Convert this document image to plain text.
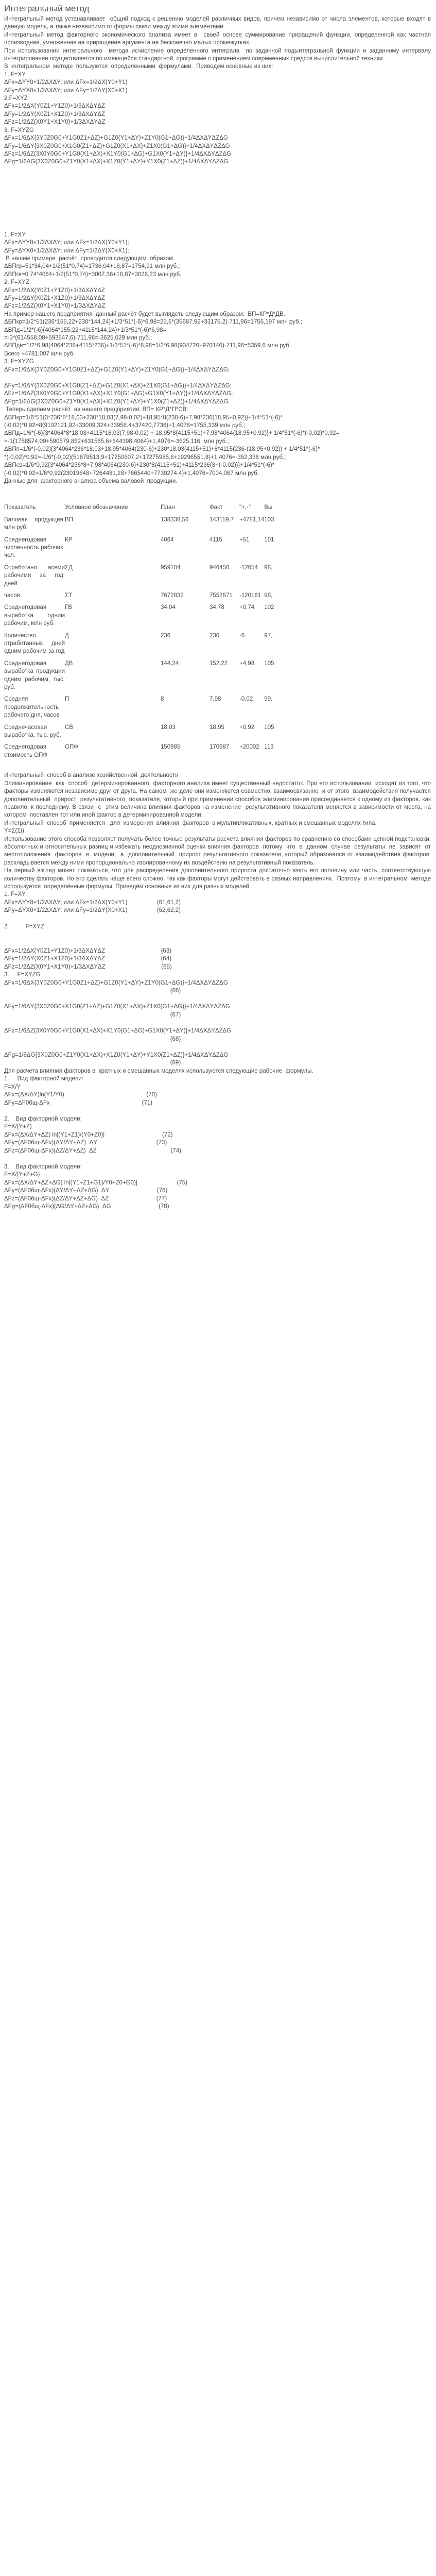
Интегральный метод

Интегральный метод устанавливает  общий подход к решению моделей различных видов, причем независимо от числа элементов, которые входят в данную модель, а также независимо от формы связи между этими элементами.

Интегральный метод факторного экономического анализа имеет в  своей основе суммирование приращений функции, определенной как частная  производная, умноженная на приращение аргумента на бесконечно малых промежутках.

При использовании интегрального  метода исчисление определенного интеграла  по заданной подынтегральной функции и заданному интервалу интегрирования осуществляется по имеющейся стандартной  программе с применением современных средств вычислительной техники.

В  интегральном  методе  пользуются  определенными  формулами.  Приведем основные из них:

1. F=XY

ΔFх=ΔYY0+1/2ΔХΔY; или ΔFх=1/2ΔХ(Y0+Y1)

ΔFy=ΔYX0+1/2ΔХΔY; или ΔFy=1/2ΔY(X0+X1)

2.F=XYZ

ΔFx=1/2ΔX(Y0Z1+Y1Z0)+1/3ΔXΔYΔZ

ΔFy=1/2ΔY(X0Z1+X1Z0)+1/3ΔXΔYΔZ

ΔFz=1/2ΔZ(X0Y1+X1Y0)+1/3ΔXΔYΔZ

3. F=XYZG

ΔFx=1/6ΔX{3Y0Z0G0+Y1G0Z1+ΔZ)+G1Z0(Y1+ΔY)+Z1Y0(G1+ΔG)}+1/4ΔXΔYΔZΔG

ΔFy=1/6ΔY{3X0Z0G0+X1G0(Z1+ΔZ)+G1Z0(X1+ΔX)+Z1X0(G1+ΔG)}+1/4ΔXΔYΔZΔG

ΔFz=1/6ΔZ{3X0Y0G0+Y1G0(X1+ΔX)+X1Y0(G1+ΔG)+G1X0(Y1+ΔY)}+1/4ΔXΔYΔZΔG

ΔFg=1/6ΔG{3X0Z0G0+Z1Y0(X1+ΔX)+X1Z0(Y1+ΔY)+Y1X0(Z1+ΔZ)}+1/4ΔXΔYΔZΔG

1. F=XY

ΔFх=ΔYY0+1/2ΔХΔY; или ΔFх=1/2ΔХ(Y0+Y1);

ΔFy=ΔYX0+1/2ΔХΔY; или ΔFy=1/2ΔY(X0+X1);

В нашем примере  расчёт  проводится следующим  образом.

ΔВПгр=51*34,04+1/2(51*0,74)=1736,04+18,87=1754,91 млн руб.;

ΔВПгв=0,74*4064+1/2(51*0,74)=3007,36+18,87=3026,23 млн руб.

2. F=XYZ

ΔFx=1/2ΔX(Y0Z1+Y1Z0)+1/3ΔXΔYΔZ

ΔFy=1/2ΔY(X0Z1+X1Z0)+1/3ΔXΔYΔZ

ΔFz=1/2ΔZ(X0Y1+X1Y0)+1/3ΔXΔYΔZ

На пример нашего предприятия  данный расчёт будет выглядеть следующим образом:  ВП=КР*Д*ДВ.

ΔВПкр=1/2*51(236*155,22+230*144,24)+1/3*51*(-6)*6,98=25,5*(35687,92+33175,2)-711,96=1755,197 млн руб.;

ΔВПд=1/2*(-6)(4064*155,22+4115*144,24)+1/3*51*(-6)*6,98=

=-3*(614558,08+593547,6)-711,96=-3625,029 млн руб.;

ΔВПдв=1/2*6,98(4064*236+4115*236)+1/3*51*(-6)*6,98=1/2*6,98(934720+970140)-711,96=5359,6 млн руб.

Всего +4781,007 млн руб.

3. F=XYZG

ΔFx=1/6ΔX{3Y0Z0G0+Y1G0Z1+ΔZ)+G1Z0(Y1+ΔY)+Z1Y0(G1+ΔG)}+1/4ΔXΔYΔZΔG;

ΔFy=1/6ΔY{3X0Z0G0+X1G0(Z1+ΔZ)+G1Z0(X1+ΔX)+Z1X0(G1+ΔG)}+1/4ΔXΔYΔZΔG;

ΔFz=1/6ΔZ{3X0Y0G0+Y1G0(X1+ΔX)+X1Y0(G1+ΔG)+G1X0(Y1+ΔY)}+1/4ΔXΔYΔZΔG;

ΔFg=1/6ΔG{3X0Z0G0+Z1Y0(X1+ΔX)+X1Z0(Y1+ΔY)+Y1X0(Z1+ΔZ)}+1/4ΔXΔYΔZΔG.

Теперь сделаем расчёт  на нашего предприятия: ВП= КР*Д*П*СВ:

ΔВПкр=1/6*51{3*236*8*18,03+230*18,03(7,98-0,02)+18,95*8(230-6)+7,98*236(18,95+0,92)}+1/4*51*(-6)*(-0,02)*0,92=8(9102121,92+33009,324+33958,4+37420,7736)+1,4076=1755,339 млн руб.;

ΔВПд=1/6*(-6){3*4064*8*18,03+4115*18,03(7,98-0,02) + 18,95*8(4115+51)+7,98*4064(18,95+0,92)}+ 1/4*51*(-6)*(-0,02)*0,92=

=-1(1758574,09+590579,862+631565,6+644398,4064)+1,4076=-3625,116  млн руб.;

ΔВПп=1/6*(-0,02){3*4064*236*18,03+18,95*4064(230-6)+230*18,03(4115+51)+8*4115(236-(18,95+0,92)) + 1/4*51*(-6)*

*(-0,02)*0,92=-1/6*(-0,02)(51879513,9+17250607,2+17275985,6+19296551,8)+1,4076=-352,336 млн руб.;

ΔВПсв=1/6*0,92{3*4064*236*8+7,98*4064(230-6)+230*8(4115+51)+4115*236(8+(-0,02))}+1/4*51*(-6)*(-0,02)*0,92=1/6*0,92(23019648+7264481,28+7665440+7730274,4)+1,4076=7004,067 млн руб.

Данные для  факторного анализа объема валовой  продукции.

Показатель	Условное обозначение	План	Факт	"+,-"	Вы
Валовая продукция, млн руб.	ВП	138338,56	143119,7	+4781,14	103
Среднегодовая численность рабочих, чел.	КР	4064	4115	+51	101
Отработано всеми рабочими за год: дней	ΣД	959104	946450	-12654	98,
часов	ΣТ	7672832	7552671	-120161	98,
Среднегодовая выработка одним рабочим, млн руб.	ГВ	34,04	34,78	+0,74	102
Количество отработанных дней одним рабочим за год	Д	236	230	-6	97,
Среднегодовая выработка продукции одним рабочим, тыс. руб.	ДВ	144,24	152,22	+4,98	105
Средняя продолжительность рабочего дня, часов	П	8	7,98	-0,02	99,
Среднечасовая выработка, тыс. руб.	СВ	18,03	18,95	+0,92	105
Среднегодовая стоимость ОПФ	ОПФ	150985	170987	+20002	113

Интегральный  способ в анализе хозяйственной  деятельности

Элиминирование  как  способ  детерминированного  факторного анализа имеет существенный недостаток. При его использовании  исходят из того, что факторы изменяются независимо друг от друга. На самом  же деле они изменяются совместно, взаимосвязанно  и от этого  взаимодействия получается  дополнительный  прирост  результативного  показателя, который при применении способов элиминирования присоединяется к одному из факторов, как правило, к последнему. В связи  с  этим величина влияния факторов на изменение  результативного показателя меняется в зависимости от места, на котором  поставлен тот или иной фактор в детерминированной модели.

Интегральный  способ  применяется   для  измерения  влияния  факторов  в мультипликативных, кратных и смешанных моделях типа.

Y=Σ(Σi)

Использование этого способа позволяет получать более точные результаты расчета влияния факторов по сравнению со способами цепной подстановки, абсолютных и относительных разниц и избежать неоднозначной оценки влияния факторов  потому  что  в  данном  случае  результаты  не  зависят  от местоположения  факторов  в  модели,  а  дополнительный  прирост результативного показателя, который образовался от взаимодействия факторов, раскладывается между ними пропорционально изолированному их воздействию на результативный показатель.

На первый взгляд может показаться, что для распределения дополнительного прироста достаточно взять его половину или часть, соответствующую количеству факторов. Но это сделать чаще всего сложно, так как факторы могут действовать в разных направлениях.  Поэтому  в интегральном  методе  используется  определённые формулы. Приведём основные из них для разных моделей.

1. F=XY

ΔFх=ΔYY0+1/2ΔХΔY; или ΔFх=1/2ΔХ(Y0+Y1)                  (61,61,2)

ΔFy=ΔYX0+1/2ΔХΔY; или ΔFy=1/2ΔY(X0+X1)                  (62,62,2)

2.          F=XYZ

ΔFx=1/2ΔX(Y0Z1+Y1Z0)+1/3ΔXΔYΔZ                                  (63)

ΔFy=1/2ΔY(X0Z1+X1Z0)+1/3ΔXΔYΔZ                                  (64)

ΔFz=1/2ΔZ(X0Y1+X1Y0)+1/3ΔXΔYΔZ                                  (65)

3.     F=XYZG

ΔFx=1/6ΔX{3Y0Z0G0+Y1G0Z1+ΔZ)+G1Z0(Y1+ΔY)+Z1Y0(G1+ΔG)}+1/4ΔXΔYΔZΔG

(66)

ΔFy=1/6ΔY{3X0Z0G0+X1G0(Z1+ΔZ)+G1Z0(X1+ΔX)+Z1X0(G1+ΔG)}+1/4ΔXΔYΔZΔG

(67)

ΔFz=1/6ΔZ{3X0Y0G0+Y1G0(X1+ΔX)+X1Y0(G1+ΔG)+G1X0(Y1+ΔY)}+1/4ΔXΔYΔZΔG

(68)

ΔFg=1/6ΔG{3X0Z0G0+Z1Y0(X1+ΔX)+X1Z0(Y1+ΔY)+Y1X0(Z1+ΔZ)}+1/4ΔXΔYΔZΔG

(69)

Для расчета влияния факторов в  кратных и смешанных моделях используются следующие рабочие  формулы.

1.     Вид факторной модели:

F=X/Y

ΔFx=(ΔX/ΔY)ln(Y1/Y0)                                                  (70)

ΔFy=ΔF0бщ-ΔFx                                                        (71)

2.    Вид факторной модели:

F=X/(Y+Z)

ΔFx=(ΔX/ΔY+ΔZ) ln|(Y1+Z1)/(Y0+Z0)|                                   (72)

ΔFy=(ΔF0бщ-ΔFx)(ΔY/ΔY+ΔZ)  ΔY                                    (73)

ΔFz=(ΔF0бщ-ΔFx)(ΔZ/ΔY+ΔZ)  ΔZ                                             (74)

3.    Вид факторной модели:

F=X/(Y+Z+G)

ΔFx=(ΔX/ΔY+ΔZ+ΔG) ln|(Y1+Z1+G1)/Y0+Z0+G0)|                        (75)

ΔFy=(ΔF0бщ-ΔFx)(ΔY/ΔY+ΔZ+ΔG)  ΔY                             (76)

ΔFz=(ΔF0бщ-ΔFx)(ΔZ/ΔY+ΔZ+ΔG)  ΔZ                             (77)

ΔFg=(ΔF0бщ-ΔFx)(ΔG/ΔY+ΔZ+ΔG)  ΔG                             (78)
